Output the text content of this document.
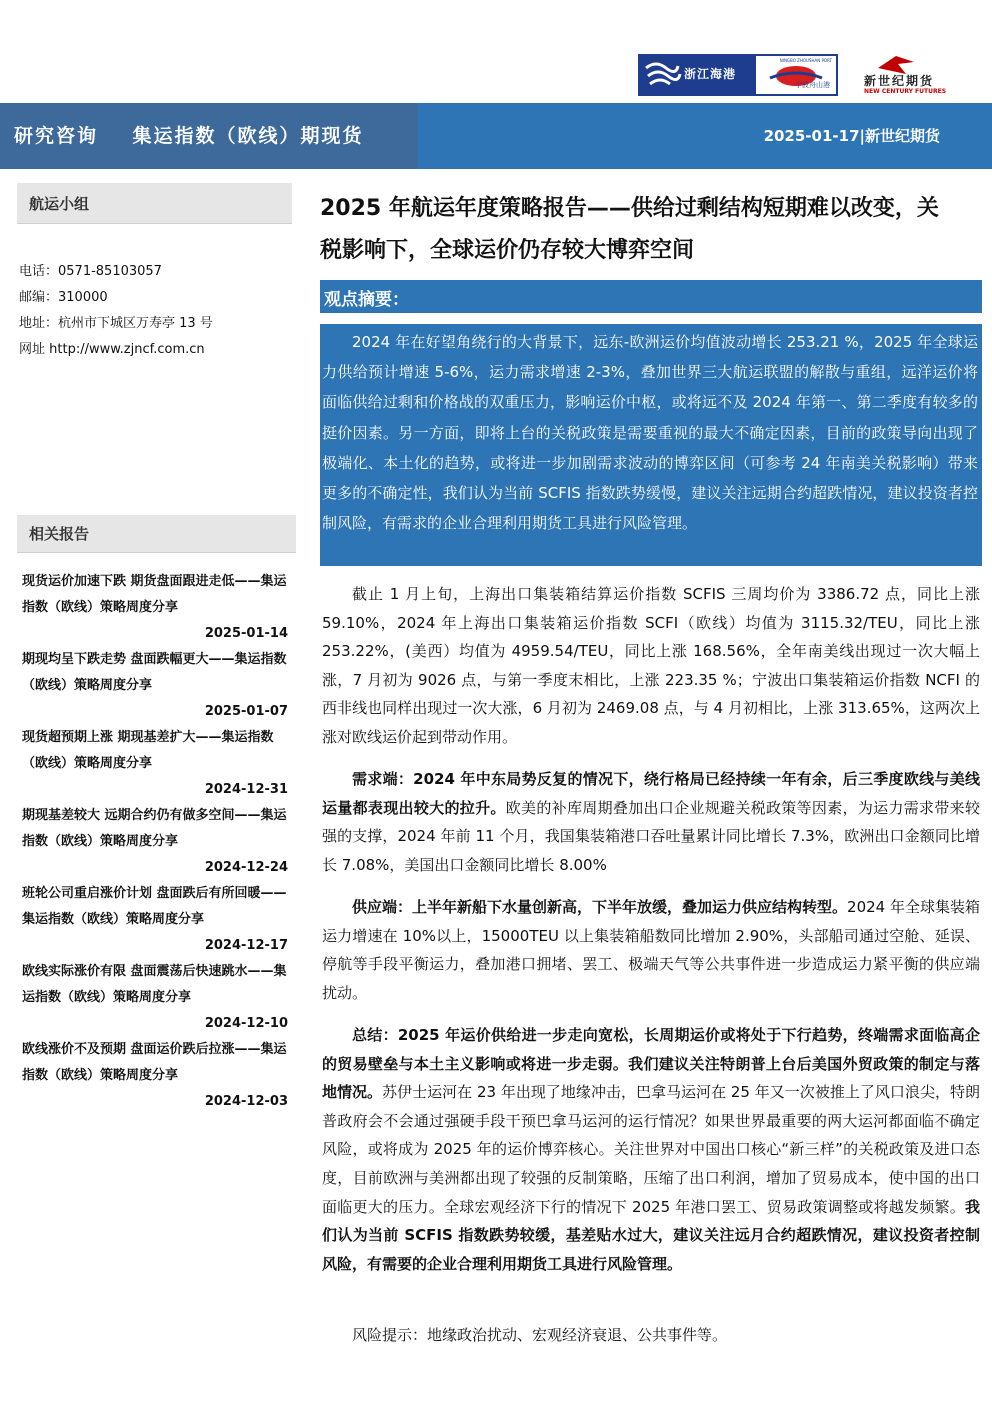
浙江海港
宁波舟山港
NINGBO ZHOUSHAN PORT
新世纪期货
NEW CENTURY FUTURES
研究咨询 集运指数（欧线）期现货	2025-01-17|新世纪期货
航运小组
电话：0571-85103057
邮编：310000
地址：杭州市下城区万寿亭 13 号
网址 http://www.zjncf.com.cn
相关报告
现货运价加速下跌 期货盘面跟进走低——集运指数（欧线）策略周度分享
2025-01-14
期现均呈下跌走势 盘面跌幅更大——集运指数（欧线）策略周度分享
2025-01-07
现货超预期上涨 期现基差扩大——集运指数（欧线）策略周度分享
2024-12-31
期现基差较大 远期合约仍有做多空间——集运指数（欧线）策略周度分享
2024-12-24
班轮公司重启涨价计划 盘面跌后有所回暖——集运指数（欧线）策略周度分享
2024-12-17
欧线实际涨价有限 盘面震荡后快速跳水——集运指数（欧线）策略周度分享
2024-12-10
欧线涨价不及预期 盘面运价跌后拉涨——集运指数（欧线）策略周度分享
2024-12-03
2025 年航运年度策略报告——供给过剩结构短期难以改变，关税影响下，全球运价仍存较大博弈空间
观点摘要：

2024 年在好望角绕行的大背景下，远东-欧洲运价均值波动增长 253.21 %，2025 年全球运力供给预计增速 5-6%，运力需求增速 2-3%，叠加世界三大航运联盟的解散与重组，远洋运价将面临供给过剩和价格战的双重压力，影响运价中枢，或将远不及 2024 年第一、第二季度有较多的挺价因素。另一方面，即将上台的关税政策是需要重视的最大不确定因素，目前的政策导向出现了极端化、本土化的趋势，或将进一步加剧需求波动的博弈区间（可参考 24 年南美关税影响）带来更多的不确定性，我们认为当前 SCFIS 指数跌势缓慢，建议关注远期合约超跌情况，建议投资者控制风险，有需求的企业合理利用期货工具进行风险管理。

截止 1 月上旬，上海出口集装箱结算运价指数 SCFIS 三周均价为 3386.72 点，同比上涨 59.10%，2024 年上海出口集装箱运价指数 SCFI（欧线）均值为 3115.32/TEU，同比上涨 253.22%，(美西）均值为 4959.54/TEU，同比上涨 168.56%，全年南美线出现过一次大幅上涨，7 月初为 9026 点，与第一季度末相比，上涨 223.35 %；宁波出口集装箱运价指数 NCFI 的西非线也同样出现过一次大涨，6 月初为 2469.08 点，与 4 月初相比，上涨 313.65%，这两次上涨对欧线运价起到带动作用。

需求端：2024 年中东局势反复的情况下，绕行格局已经持续一年有余，后三季度欧线与美线运量都表现出较大的拉升。欧美的补库周期叠加出口企业规避关税政策等因素，为运力需求带来较强的支撑，2024 年前 11 个月，我国集装箱港口吞吐量累计同比增长 7.3%，欧洲出口金额同比增长 7.08%，美国出口金额同比增长 8.00%

供应端：上半年新船下水量创新高，下半年放缓，叠加运力供应结构转型。2024 年全球集装箱运力增速在 10%以上，15000TEU 以上集装箱船数同比增加 2.90%，头部船司通过空舱、延误、停航等手段平衡运力，叠加港口拥堵、罢工、极端天气等公共事件进一步造成运力紧平衡的供应端扰动。

总结：2025 年运价供给进一步走向宽松，长周期运价或将处于下行趋势，终端需求面临高企的贸易壁垒与本土主义影响或将进一步走弱。我们建议关注特朗普上台后美国外贸政策的制定与落地情况。苏伊士运河在 23 年出现了地缘冲击，巴拿马运河在 25 年又一次被推上了风口浪尖，特朗普政府会不会通过强硬手段干预巴拿马运河的运行情况？如果世界最重要的两大运河都面临不确定风险，或将成为 2025 年的运价博弈核心。关注世界对中国出口核心“新三样”的关税政策及进口态度，目前欧洲与美洲都出现了较强的反制策略，压缩了出口利润，增加了贸易成本，使中国的出口面临更大的压力。全球宏观经济下行的情况下 2025 年港口罢工、贸易政策调整或将越发频繁。我们认为当前 SCFIS 指数跌势较缓，基差贴水过大，建议关注远月合约超跌情况，建议投资者控制风险，有需要的企业合理利用期货工具进行风险管理。

风险提示：地缘政治扰动、宏观经济衰退、公共事件等。
